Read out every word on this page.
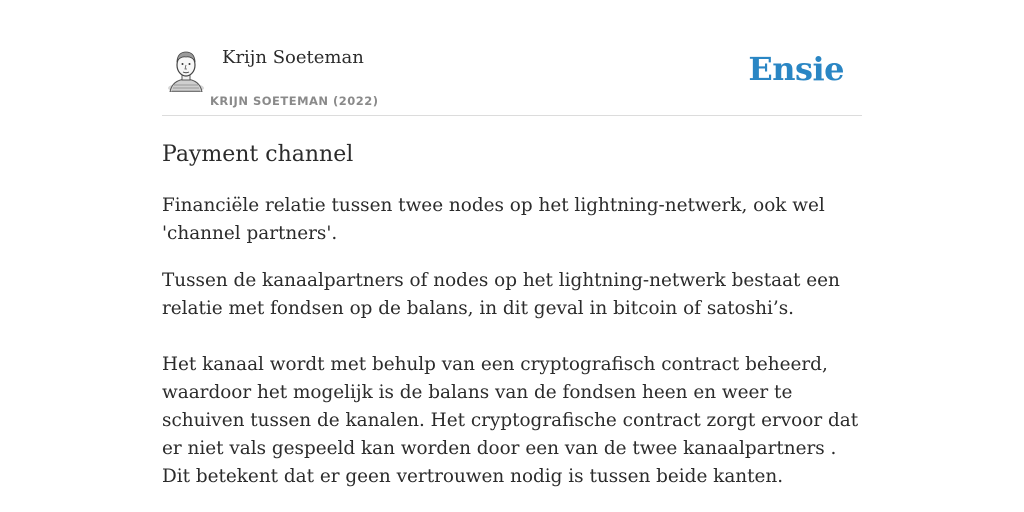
Krijn Soeteman
KRIJN SOETEMAN (2022)
Ensie
Payment channel

Financiële relatie tussen twee nodes op het lightning-netwerk, ook wel 'channel partners'.

Tussen de kanaalpartners of nodes op het lightning-netwerk bestaat een relatie met fondsen op de balans, in dit geval in bitcoin of satoshi’s.

Het kanaal wordt met behulp van een cryptografisch contract beheerd, waardoor het mogelijk is de balans van de fondsen heen en weer te schuiven tussen de kanalen. Het cryptografische contract zorgt ervoor dat er niet vals gespeeld kan worden door een van de twee kanaalpartners . Dit betekent dat er geen vertrouwen nodig is tussen beide kanten.
